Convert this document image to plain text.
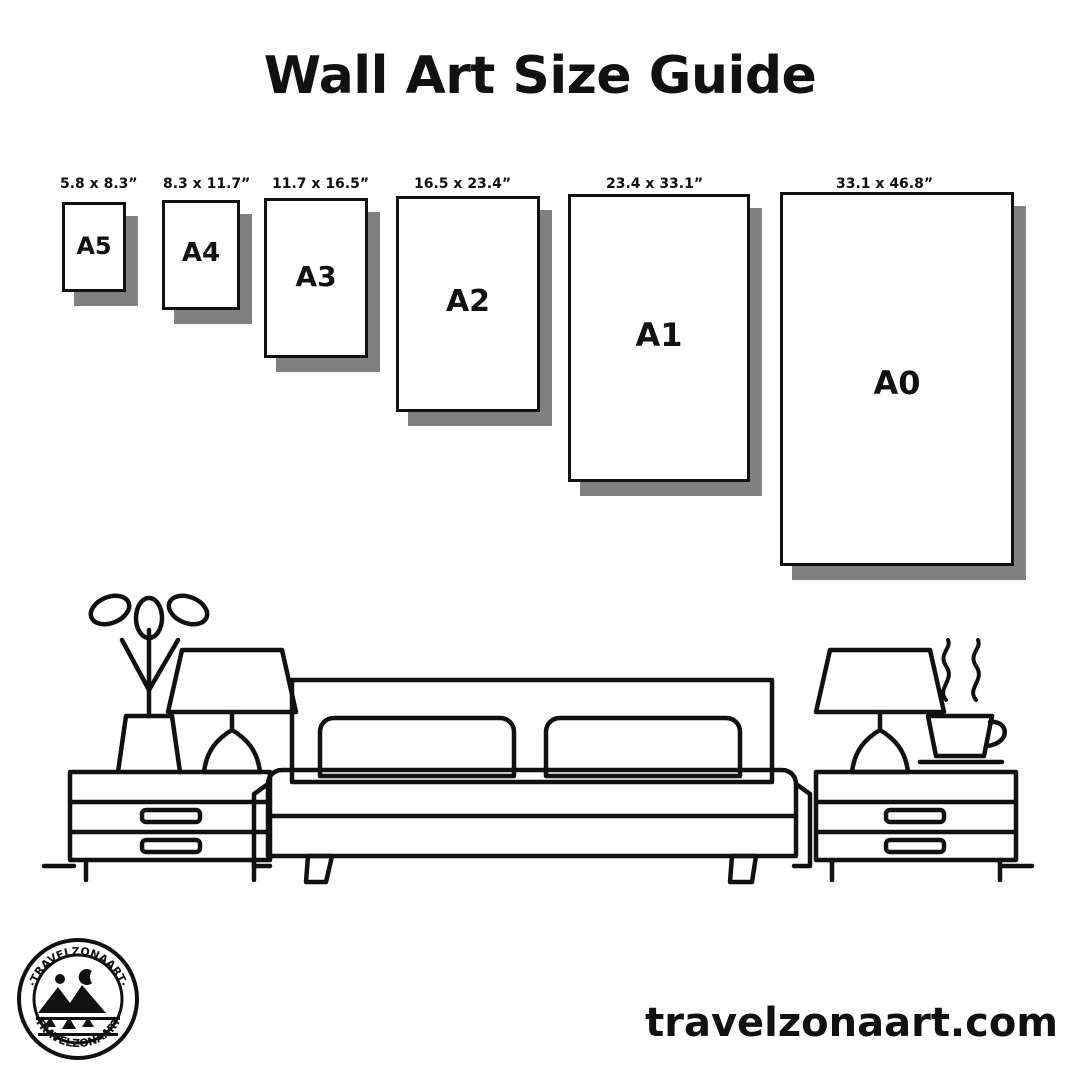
Wall Art Size Guide
A5
5.8 x 8.3”
A4
8.3 x 11.7”
A3
11.7 x 16.5”
A2
16.5 x 23.4”
A1
23.4 x 33.1”
A0
33.1 x 46.8”
·TRAVELZONAART·
·TRAVELZONAART·	travelzonaart.com
